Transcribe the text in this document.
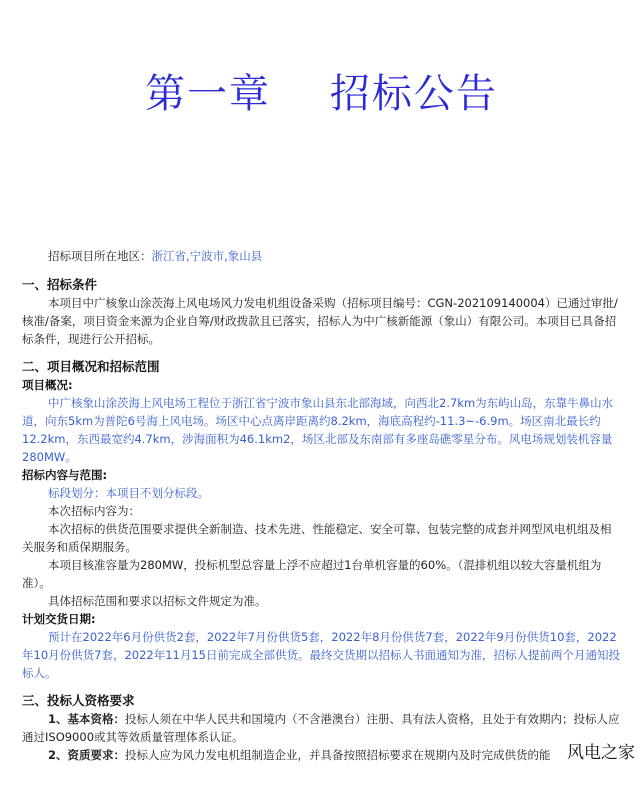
第一章    招标公告

招标项目所在地区：浙江省,宁波市,象山县

一、招标条件

本项目中广核象山涂茨海上风电场风力发电机组设备采购（招标项目编号：CGN-202109140004）已通过审批/核准/备案，项目资金来源为企业自筹/财政拨款且已落实，招标人为中广核新能源（象山）有限公司。本项目已具备招标条件，现进行公开招标。

二、项目概况和招标范围

项目概况:

中广核象山涂茨海上风电场工程位于浙江省宁波市象山县东北部海域，向西北2.7km为东屿山岛，东靠牛鼻山水道，向东5km为普陀6号海上风电场。场区中心点离岸距离约8.2km，海底高程约-11.3~-6.9m。场区南北最长约12.2km，东西最宽约4.7km，涉海面积为46.1km2，场区北部及东南部有多座岛礁零星分布。风电场规划装机容量280MW。

招标内容与范围:

标段划分：本项目不划分标段。

本次招标内容为：

本次招标的供货范围要求提供全新制造、技术先进、性能稳定、安全可靠、包装完整的成套并网型风电机组及相关服务和质保期服务。

本项目核准容量为280MW，投标机型总容量上浮不应超过1台单机容量的60%。（混排机组以较大容量机组为准）。

具体招标范围和要求以招标文件规定为准。

计划交货日期:

预计在2022年6月份供货2套，2022年7月份供货5套，2022年8月份供货7套，2022年9月份供货10套，2022年10月份供货7套，2022年11月15日前完成全部供货。最终交货期以招标人书面通知为准，招标人提前两个月通知投标人。

三、投标人资格要求

1、基本资格：投标人须在中华人民共和国境内（不含港澳台）注册、具有法人资格，且处于有效期内；投标人应通过ISO9000或其等效质量管理体系认证。

2、资质要求：投标人应为风力发电机组制造企业，并具备按照招标要求在规期内及时完成供货的能 风电之家
